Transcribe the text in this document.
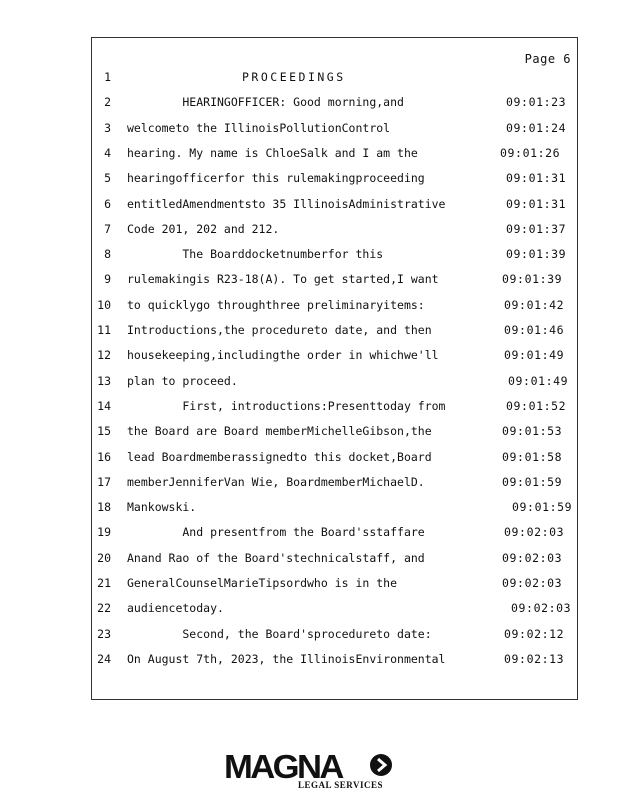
Page 6
1	PROCEEDINGS
2 HEARINGOFFICER: Good morning,and	09:01:23
3 welcometo the IllinoisPollutionControl	09:01:24
4 hearing. My name is ChloeSalk and I am the	09:01:26
5 hearingofficerfor this rulemakingproceeding	09:01:31
6 entitledAmendmentsto 35 IllinoisAdministrative	09:01:31
7 Code 201, 202 and 212.	09:01:37
8 The Boarddocketnumberfor this	09:01:39
9 rulemakingis R23-18(A). To get started,I want	09:01:39
10 to quicklygo throughthree preliminaryitems:	09:01:42
11 Introductions,the procedureto date, and then	09:01:46
12 housekeeping,includingthe order in whichwe'll	09:01:49
13 plan to proceed.	09:01:49
14 First, introductions:Presenttoday from	09:01:52
15 the Board are Board memberMichelleGibson,the	09:01:53
16 lead Boardmemberassignedto this docket,Board	09:01:58
17 memberJenniferVan Wie, BoardmemberMichaelD.	09:01:59
18 Mankowski.	09:01:59
19 And presentfrom the Board'sstaffare	09:02:03
20 Anand Rao of the Board'stechnicalstaff, and	09:02:03
21 GeneralCounselMarieTipsordwho is in the	09:02:03
22 audiencetoday.	09:02:03
23 Second, the Board'sprocedureto date:	09:02:12
24 On August 7th, 2023, the IllinoisEnvironmental	09:02:13
MAGNA
LEGAL SERVICES
